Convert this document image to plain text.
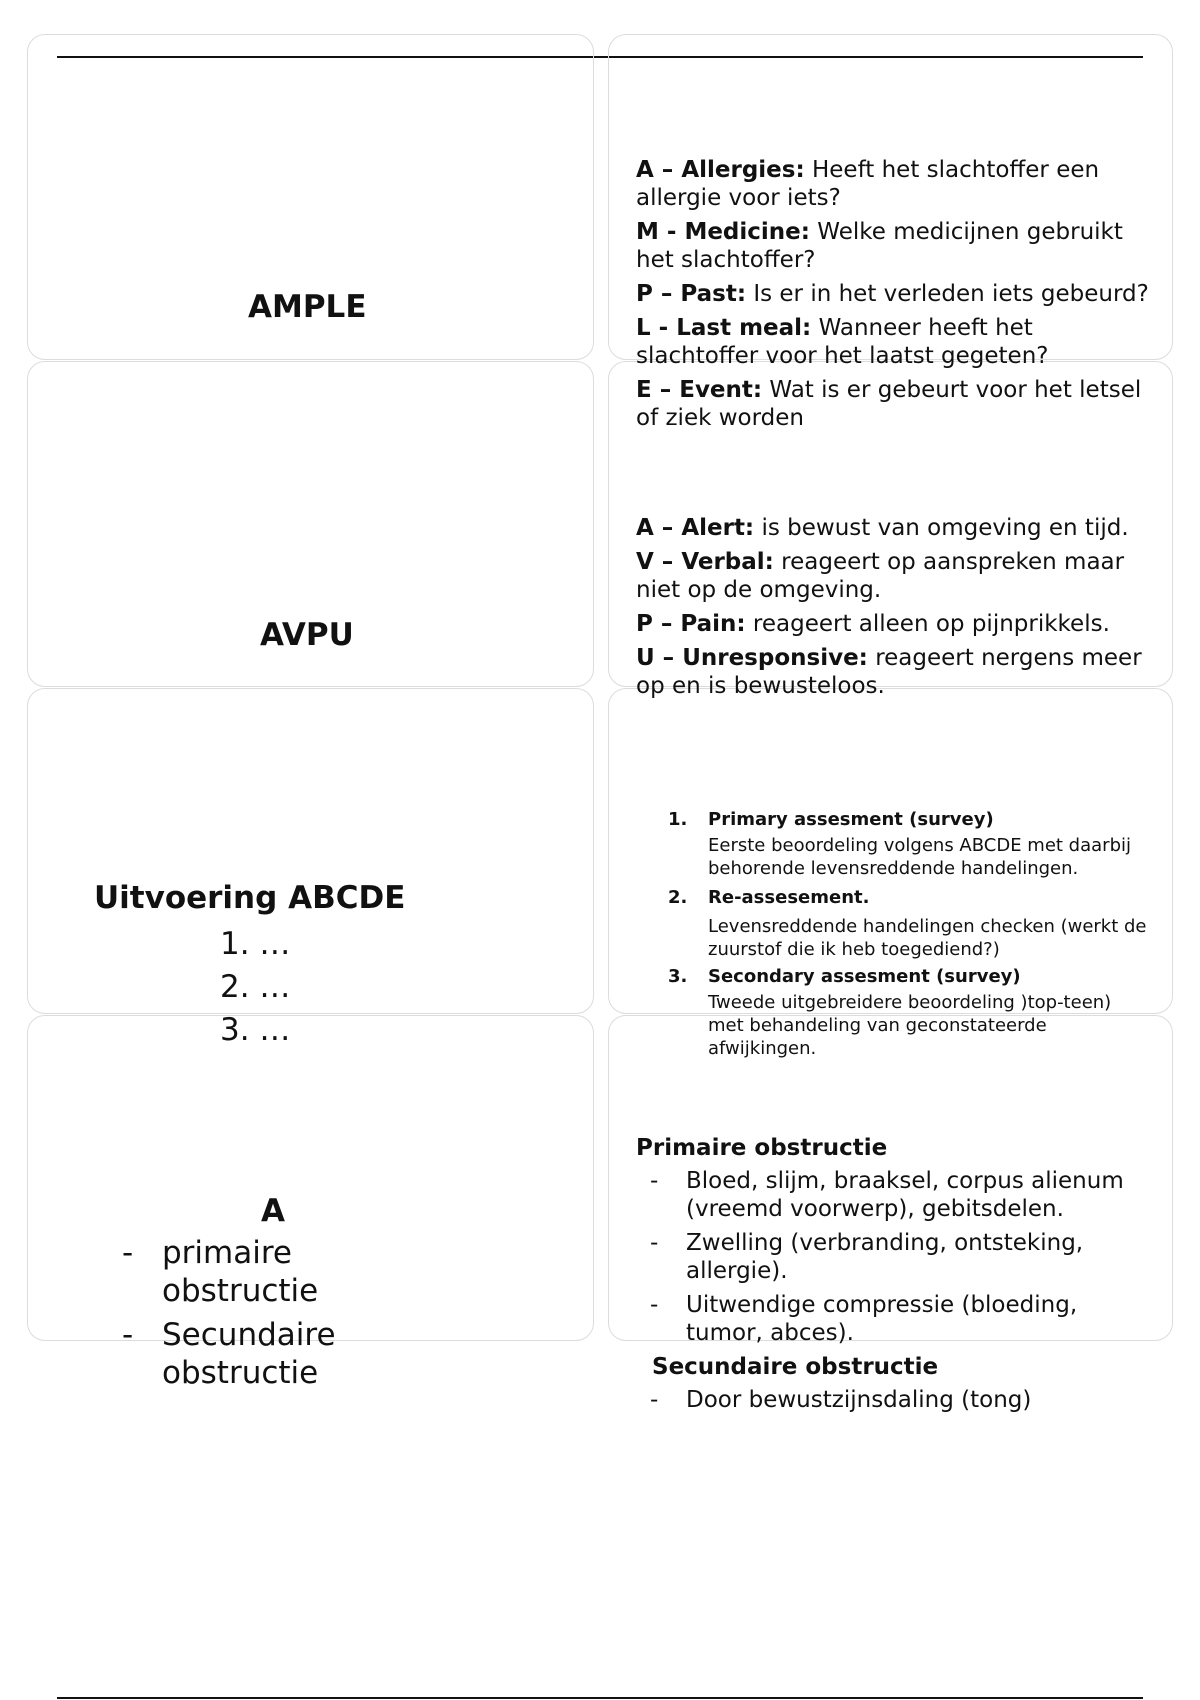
AMPLE

A – Allergies: Heeft het slachtoffer een allergie voor iets?

M - Medicine: Welke medicijnen gebruikt het slachtoffer?

P – Past: Is er in het verleden iets gebeurd?

L - Last meal: Wanneer heeft het slachtoffer voor het laatst gegeten?

E – Event: Wat is er gebeurt voor het letsel of ziek worden

AVPU

A – Alert: is bewust van omgeving en tijd.

V – Verbal: reageert op aanspreken maar niet op de omgeving.

P – Pain: reageert alleen op pijnprikkels.

U – Unresponsive: reageert nergens meer op en is bewusteloos.

Uitvoering ABCDE
1. …
2. …
3. …
1. Primary assesment (survey)
Eerste beoordeling volgens ABCDE met daarbij behorende levensreddende handelingen.
2. Re-assesement.
Levensreddende handelingen checken (werkt de zuurstof die ik heb toegediend?)
3. Secondary assesment (survey)
Tweede uitgebreidere beoordeling )top-teen) met behandeling van geconstateerde afwijkingen.
A
- primaire obstructie
- Secundaire obstructie
Primaire obstructie
- Bloed, slijm, braaksel, corpus alienum (vreemd voorwerp), gebitsdelen.
- Zwelling (verbranding, ontsteking, allergie).
- Uitwendige compressie (bloeding, tumor, abces).
Secundaire obstructie
- Door bewustzijnsdaling (tong)
